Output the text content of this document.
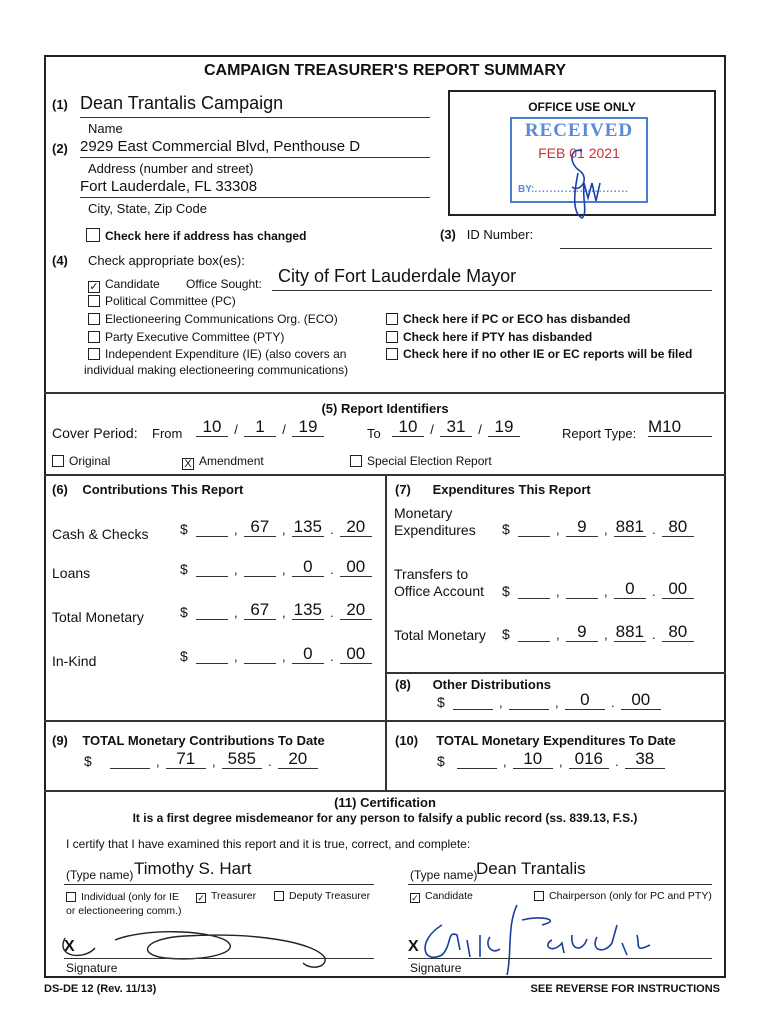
CAMPAIGN TREASURER'S REPORT SUMMARY
(1) Dean Trantalis Campaign
Name
(2) 2929 East Commercial Blvd, Penthouse D
Address (number and street)
Fort Lauderdale, FL 33308
City, State, Zip Code
Check here if address has changed
OFFICE USE ONLY
RECEIVED
FEB 01 2021
BY:.........................
(3) ID Number:
(4) Check appropriate box(es):
✓ Candidate Office Sought: City of Fort Lauderdale Mayor
Political Committee (PC)
Electioneering Communications Org. (ECO)
Party Executive Committee (PTY)
Independent Expenditure (IE) (also covers an
individual making electioneering communications)
Check here if PC or ECO has disbanded
Check here if PTY has disbanded
Check here if no other IE or EC reports will be filed
(5) Report Identifiers
Cover Period: From	10 /	1	/ 19	To	10 / 31 / 19	Report Type: M10
Original	X Amendment	Special Election Report
(6) Contributions This Report
Cash & Checks $	, 67 , 135 . 20
Loans	$	,	,	0	. 00
Total Monetary	$	, 67 , 135 . 20
In-Kind	$	,	,	0	. 00
(7) Expenditures This Report
Monetary
Expenditures $	,	9	, 881 . 80
Transfers to
Office Account $	,	,	0	. 00
Total Monetary $	,	9	, 881 . 80
(8) Other Distributions
$	,	,	0	. 00
(9) TOTAL Monetary Contributions To Date
$	, 71	, 585 . 20
(10) TOTAL Monetary Expenditures To Date
$	, 10	, 016 . 38
(11) Certification
It is a first degree misdemeanor for any person to falsify a public record (ss. 839.13, F.S.)
I certify that I have examined this report and it is true, correct, and complete:
(Type name) Timothy S. Hart	(Type name)
Dean Trantalis
Individual (only for IE
or electioneering comm.)
✓ Treasurer	Deputy Treasurer	✓ Candidate	Chairperson (only for PC and PTY)
X
Signature
X
Signature
DS-DE 12 (Rev. 11/13)	SEE REVERSE FOR INSTRUCTIONS
